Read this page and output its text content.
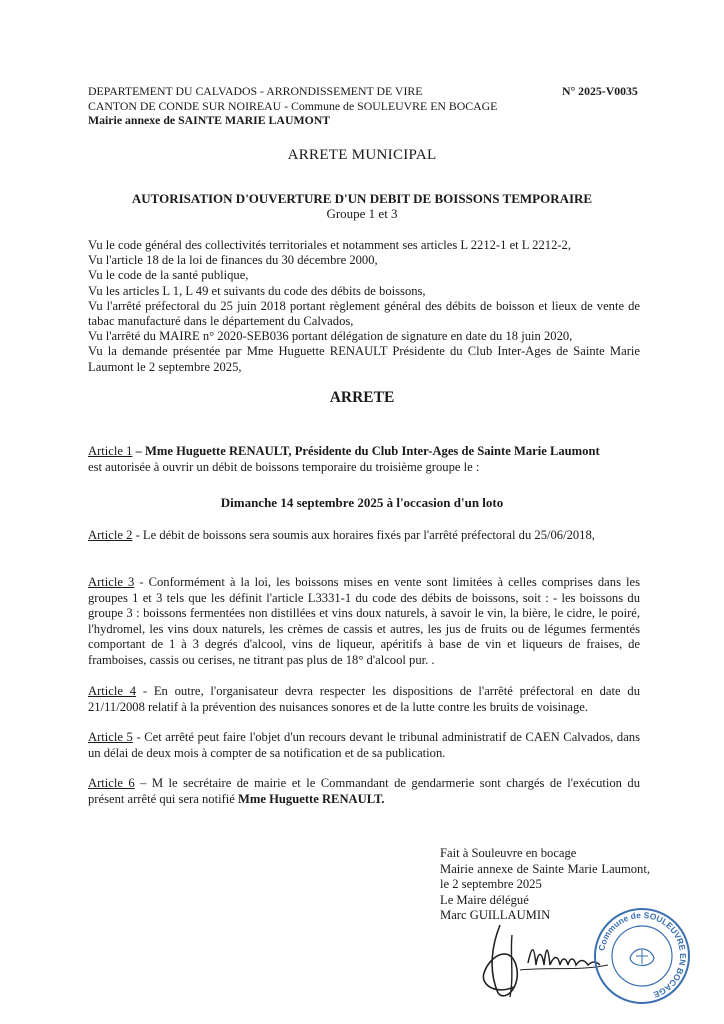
DEPARTEMENT DU CALVADOS - ARRONDISSEMENT DE VIRE
CANTON DE CONDE SUR NOIREAU - Commune de SOULEUVRE EN BOCAGE
Mairie annexe de SAINTE MARIE LAUMONT
N° 2025-V0035
ARRETE MUNICIPAL
AUTORISATION D'OUVERTURE D'UN DEBIT DE BOISSONS TEMPORAIRE
Groupe 1 et 3
Vu le code général des collectivités territoriales et notamment ses articles L 2212-1 et L 2212-2,
Vu l'article 18 de la loi de finances du 30 décembre 2000,
Vu le code de la santé publique,
Vu les articles L 1, L 49 et suivants du code des débits de boissons,
Vu l'arrêté préfectoral du 25 juin 2018 portant règlement général des débits de boisson et lieux de vente de tabac manufacturé dans le département du Calvados,
Vu l'arrêté du MAIRE n° 2020-SEB036 portant délégation de signature en date du 18 juin 2020,
Vu la demande présentée par Mme Huguette RENAULT Présidente du Club Inter-Ages de Sainte Marie Laumont le 2 septembre 2025,
ARRETE
Article 1 – Mme Huguette RENAULT, Présidente du Club Inter-Ages de Sainte Marie Laumont
est autorisée à ouvrir un débit de boissons temporaire du troisième groupe le :
Dimanche 14 septembre 2025 à l'occasion d'un loto
Article 2 - Le débit de boissons sera soumis aux horaires fixés par l'arrêté préfectoral du 25/06/2018,
Article 3 - Conformément à la loi, les boissons mises en vente sont limitées à celles comprises dans les groupes 1 et 3 tels que les définit l'article L3331-1 du code des débits de boissons, soit : - les boissons du groupe 3 : boissons fermentées non distillées et vins doux naturels, à savoir le vin, la bière, le cidre, le poiré, l'hydromel, les vins doux naturels, les crèmes de cassis et autres, les jus de fruits ou de légumes fermentés comportant de 1 à 3 degrés d'alcool, vins de liqueur, apéritifs à base de vin et liqueurs de fraises, de framboises, cassis ou cerises, ne titrant pas plus de 18° d'alcool pur. .
Article 4 - En outre, l'organisateur devra respecter les dispositions de l'arrêté préfectoral en date du 21/11/2008 relatif à la prévention des nuisances sonores et de la lutte contre les bruits de voisinage.
Article 5 - Cet arrêté peut faire l'objet d'un recours devant le tribunal administratif de CAEN Calvados, dans un délai de deux mois à compter de sa notification et de sa publication.
Article 6 – M le secrétaire de mairie et le Commandant de gendarmerie sont chargés de l'exécution du présent arrêté qui sera notifié Mme Huguette RENAULT.
Fait à Souleuvre en bocage
Mairie annexe de Sainte Marie Laumont, le 2 septembre 2025
Le Maire délégué
Marc GUILLAUMIN
Commune de SOULEUVRE EN BOCAGE
